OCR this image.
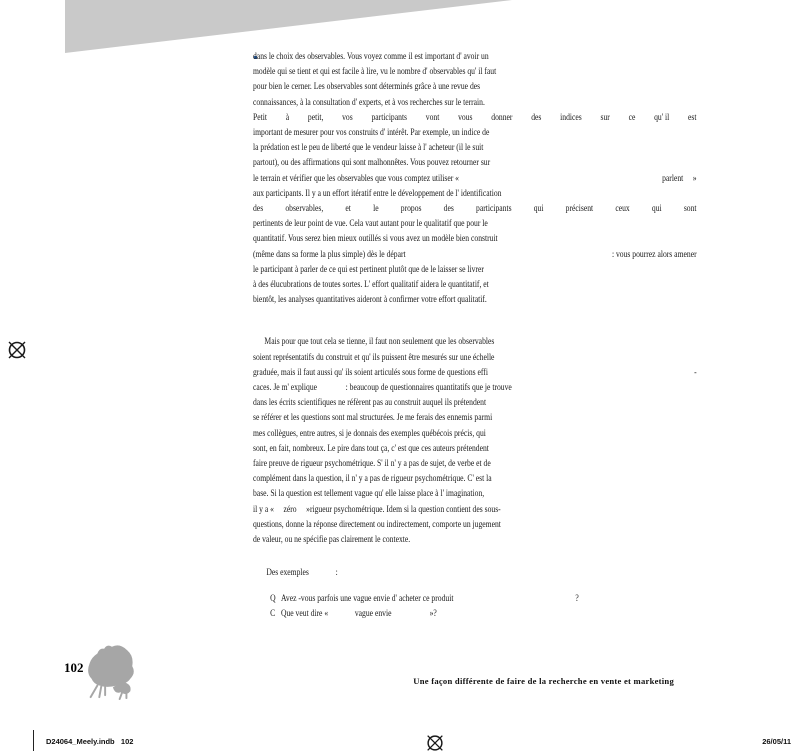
dans le choix des observables. Vous voyez comme il est important d' avoir un
modèle qui se tient et qui est facile à lire, vu le nombre d' observables qu' il faut
pour bien le cerner. Les observables sont déterminés grâce à une revue des
connaissances, à la consultation d' experts, et à vos recherches sur le terrain.
Petit à petit, vos participants vont vous donner des indices sur ce qu' il est
important de mesurer pour vos construits d' intérêt. Par exemple, un indice de
la prédation est le peu de liberté que le vendeur laisse à l' acheteur (il le suit
partout), ou des affirmations qui sont malhonnêtes. Vous pouvez retourner sur
le terrain et vérifier que les observables que vous comptez utiliser «	parlent     »
aux participants. Il y a un effort itératif entre le développement de l' identification
des observables, et le propos des participants qui précisent ceux qui sont
pertinents de leur point de vue. Cela vaut autant pour le qualitatif que pour le
quantitatif. Vous serez bien mieux outillés si vous avez un modèle bien construit
(même dans sa forme la plus simple) dès le départ	: vous pourrez alors amener
le participant à parler de ce qui est pertinent plutôt que de le laisser se livrer
à des élucubrations de toutes sortes. L' effort qualitatif aidera le quantitatif, et
bientôt, les analyses quantitatives aideront à confirmer votre effort qualitatif.
Mais pour que tout cela se tienne, il faut non seulement que les observables
soient représentatifs du construit et qu' ils puissent être mesurés sur une échelle
graduée, mais il faut aussi qu' ils soient articulés sous forme de questions effi	-
caces. Je m' explique               : beaucoup de questionnaires quantitatifs que je trouve
dans les écrits scientifiques ne réfèrent pas au construit auquel ils prétendent
se référer et les questions sont mal structurées. Je me ferais des ennemis parmi
mes collègues, entre autres, si je donnais des exemples québécois précis, qui
sont, en fait, nombreux. Le pire dans tout ça, c' est que ces auteurs prétendent
faire preuve de rigueur psychométrique. S' il n' y a pas de sujet, de verbe et de
complément dans la question, il n' y a pas de rigueur psychométrique. C' est la
base. Si la question est tellement vague qu' elle laisse place à l' imagination,
il y a «     zéro     »rigueur psychométrique. Idem si la question contient des sous-
questions, donne la réponse directement ou indirectement, comporte un jugement
de valeur, ou ne spécifie pas clairement le contexte.
Des exemples              :
Q   Avez -vous parfois une vague envie d' acheter ce produit                                                                ?
C   Que veut dire «              vague envie                    »?
102
Une façon différente de faire de la recherche en vente et marketing
D24064_Meely.indb   102	26/05/11
